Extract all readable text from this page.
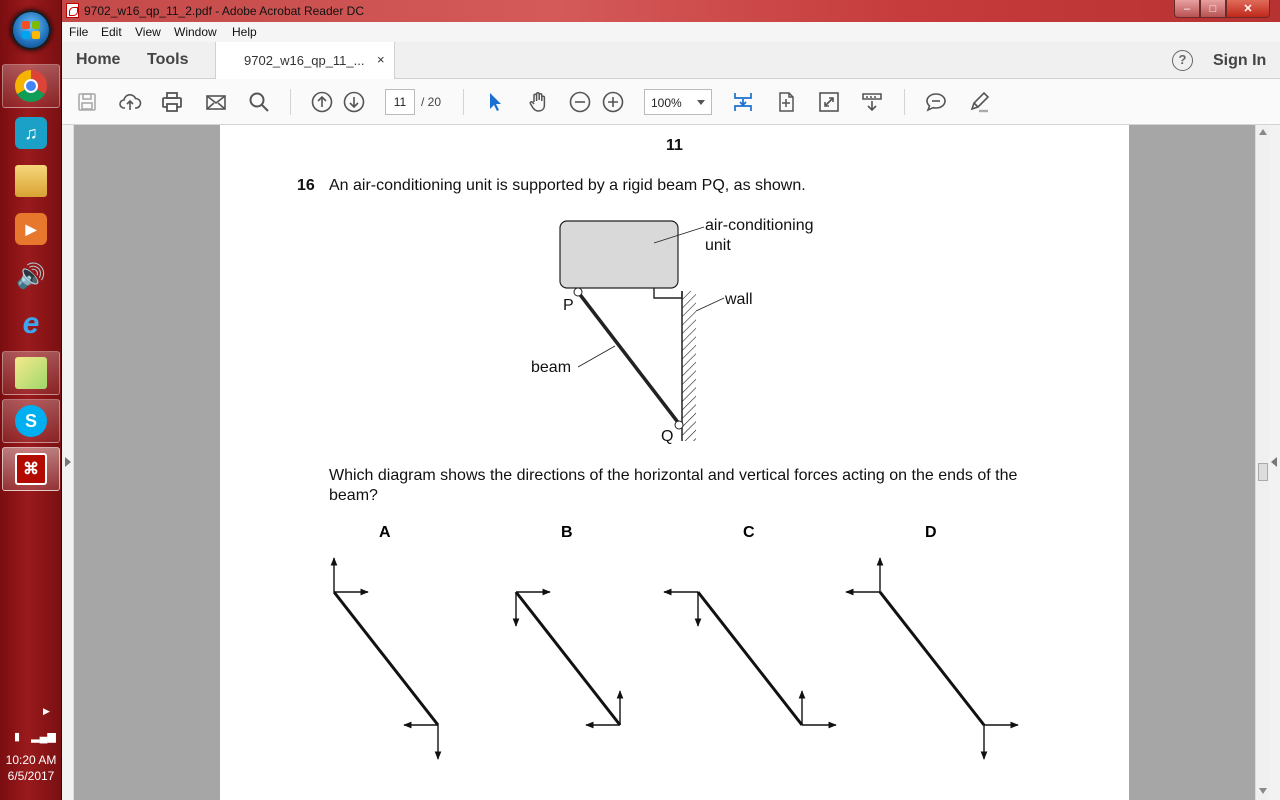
♫
▶
🔊
e
S
⌘
▶
▮ ▂▄▆
10:20 AM
6/5/2017
9702_w16_qp_11_2.pdf - Adobe Acrobat Reader DC	–	□	✕
File Edit View Window Help
Home Tools	9702_w16_qp_11_... ×	?	Sign In
11	/ 20	100%
11
16 An air-conditioning unit is supported by a rigid beam PQ, as shown.
air-conditioning
unit
wall
beam
P
Q
Which diagram shows the directions of the horizontal and vertical forces acting on the ends of the beam?
A	B	C	D
